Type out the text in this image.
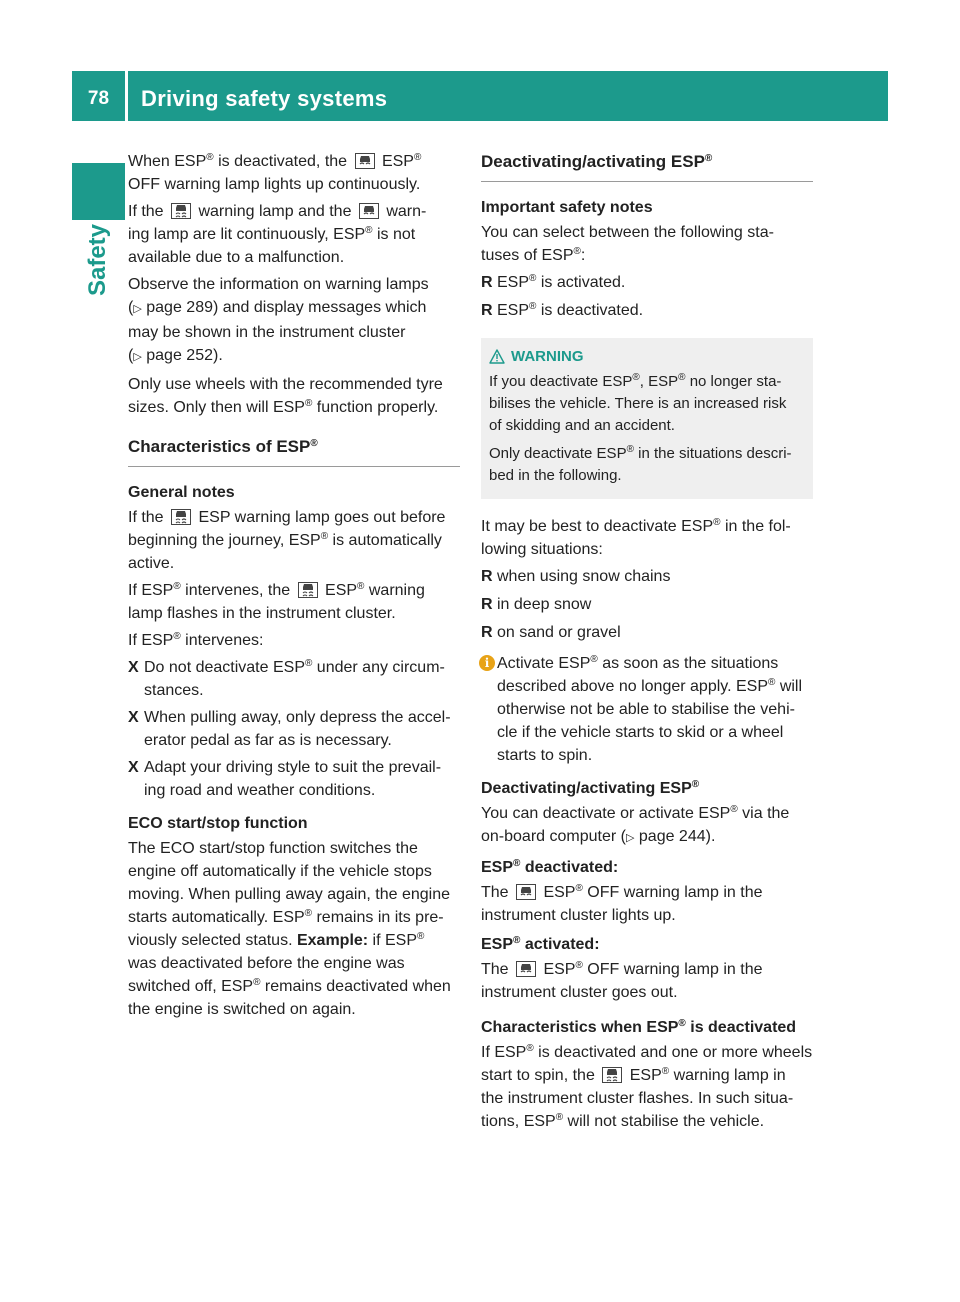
78	Driving safety systems
Safety

When ESP® is deactivated, the
ESP®
OFF warning lamp lights up continuously.

If the
warning lamp and the
warn-
ing lamp are lit continuously, ESP® is not
available due to a malfunction.

Observe the information on warning lamps
(▷ page 289) and display messages which
may be shown in the instrument cluster
(▷ page 252).

Only use wheels with the recommended tyre
sizes. Only then will ESP® function properly.

Characteristics of ESP®
General notes

If the
ESP warning lamp goes out before
beginning the journey, ESP® is automatically
active.

If ESP® intervenes, the
ESP® warning
lamp flashes in the instrument cluster.

If ESP® intervenes:

X Do not deactivate ESP® under any circum-
stances.
X When pulling away, only depress the accel-
erator pedal as far as is necessary.
X Adapt your driving style to suit the prevail-
ing road and weather conditions.
ECO start/stop function

The ECO start/stop function switches the
engine off automatically if the vehicle stops
moving. When pulling away again, the engine
starts automatically. ESP® remains in its pre-
viously selected status. Example: if ESP®
was deactivated before the engine was
switched off, ESP® remains deactivated when
the engine is switched on again.

Deactivating/activating ESP®
Important safety notes

You can select between the following sta-
tuses of ESP®:

R ESP® is activated.
R ESP® is deactivated.
WARNING

If you deactivate ESP®, ESP® no longer sta-
bilises the vehicle. There is an increased risk
of skidding and an accident.

Only deactivate ESP® in the situations descri-
bed in the following.

It may be best to deactivate ESP® in the fol-
lowing situations:

R when using snow chains
R in deep snow
R on sand or gravel
i Activate ESP® as soon as the situations
described above no longer apply. ESP® will
otherwise not be able to stabilise the vehi-
cle if the vehicle starts to skid or a wheel
starts to spin.
Deactivating/activating ESP®

You can deactivate or activate ESP® via the
on-board computer (▷ page 244).

ESP® deactivated:

The
ESP® OFF warning lamp in the
instrument cluster lights up.

ESP® activated:

The
ESP® OFF warning lamp in the
instrument cluster goes out.

Characteristics when ESP® is deactivated

If ESP® is deactivated and one or more wheels
start to spin, the
ESP® warning lamp in
the instrument cluster flashes. In such situa-
tions, ESP® will not stabilise the vehicle.
